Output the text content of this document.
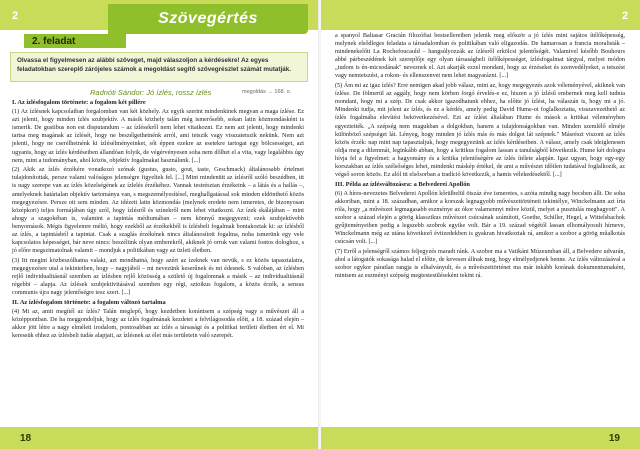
Szövegértés
2
2. feladat
Olvassa el figyelmesen az alábbi szöveget, majd válaszoljon a kérdésekre! Az egyes feladatokban szereplő zárójeles számok a megoldást segítő szövegrészlet számát mutatják.
Radnóti Sándor: Jó ízlés, rossz ízlés	megoldás → 168. o.
I. Az ízlésfogalom története: a fogalom két pillére

(1) Az ízlésnek kapcsolatban forgalomban van két közhely. Az egyik szerint mindenkinek megvan a maga ízlése. Ez azt jelenti, hogy minden ízlés szubjektív. A másik közhely talán még ismerősebb, sokan latin közmondásként is ismerik. De gustibus non est disputandum – az ízlésekről nem lehet vitatkozni. Ez nem azt jelenti, hogy mindenki tartsa meg magának az ízlését, hogy ne beszélgethetnénk arról, ami tetszik vagy visszatetszik nekünk. Nem azt jelenti, hogy ne cserélhetnénk ki ízlésélményeinket, sőt éppen ezekre az esetekre tartogat egy bölcsességet, azt ugyanis, hogy az ízlés kérdéseiben állandóan folyik, de végérvényesen soha nem dőlhet el a vita, vagy legalábbis úgy nem, mint a tudományban, ahol közös, objektív fogalmakat használunk. [...]

(2) Akik az ízlés érzékére vonatkozó szónak (gustus, gusto, gout, taste, Geschmack) általánosabb értelmet tulajdonítottak, persze valami valóságos jelenségre figyeltek fel. [...] Mint mindenütt az ízlésről szóló beszédben, itt is nagy szerepe van az ízlés közelségének az ízlelés érzékéhez. Vannak testrésztan érzékeink – a látás és a hallás –, amelyeknek határtalan objektív tartománya van, s megszemélyesítésel, meghallgatással sok minden eldönthető közös megegyezésre. Persze ott sem minden. Az idézett latin közmondás (melynek eredete nem ismeretes, de bizonyosan középkori) teljes formájában úgy szól, hogy ízlésről és színekről nem lehet vitatkozni. Az ízek skálájában – mint ahogy a szagokéban is, valamint a tapintás médiumában – nem könnyű megegyezni; ezek szubjektívebb benyomások. Mégis figyelemre méltó, hogy ezekből az érzékekből is ízlésbeli fogalmak bontakoztak ki: az ízlésből az ízlés, a tapintásból a tapintat. Csak a szaglás érzékének nincs általánosított fogalma, noha ismerünk egy vele kapcsolatos képességet, bár neve nincs: beszélünk olyan emberekről, akiknek jó orruk van valami fontos dologhoz, s jó előre megszimatolnak valamit – mondjuk a politikában vagy az üzleti életben.

(3) Itt megint közbeszólhatna valaki, azt mondhatná, hogy azért az ízeknek van nevük, s ez közös tapasztalatra, megegyezésre utal a tekintetben, hogy – nagyjából – mi nevezünk keserűnek és mi édesnek. S valóban, az ízlésben rejlő individualitásnál szemben az ízlésben rejlő közösség a születő új fogalomnak a másik – az individualitásnál régebbi – alapja. Az ízlések szubjektivitásával szemben egy régi, sztoikus fogalom, a közös érzék, a sensus communis újra nagy jelentőségre tesz szert. [...]

II. Az ízlésfogalom története: a fogalom változó tartalma

(4) Mi az, amit megítél az ízlés? Talán meglepő, hogy kezdetben korántsem a szépség vagy a művészet áll a középpontban. De ha meggondoljuk, hogy az ízlés fogalmának kezdetei a felvilágosodás előtt, a 18. század elején – akkor jött létre a nagy elméleti irodalom, pontosabban az ízlés a társasági és a politikai területi életben ért el. Mi keressük ehhez az ízlésbeli tudás alapjait, az ízlésnek az élet más területein való szerepét.

18
2

a spanyol Baltasar Gracián filozófiai bestsellereiben jelenik meg először a jó ízlés mint sajátos ítélőképesség, melynek elsődleges feladata a társadalomban és politikában való eligazodás. De hamarosan a francia moralisták – mindenekelőtt La Rochefoucauld – hangsúlyozzák az ízlésről erkölcsi jelentőségét. Valamivel később Bouhours abbé párbeszédének két szereplője egy olyan társaságbeli ítélőképességet, ízlésfogalmat tárgyal, melyet módon „tudom is én-micsodának" neveznek el. Azt akarják ezzel mondani, hogy az érzéseket és szenvedélyeket, a tetszést vagy nemtetszést, a rokon- és ellenszenvet nem lehet magyarázni. [...]

(5) Ám mi az igaz ízlés? Erre nemigen akad jobb válasz, mint az, hogy megegyezés azok véleményével, akiknek van ízlése. De fölmerül az aggály, hogy nem körben forgó érvelés-e ez, hiszen a jó ízlésű embernek meg kell tudnia mondani, hogy mi a szép. De csak akkor igazodhatunk ehhez, ha előtte jó ízlést, ha válaszán is, hogy mi a jó. Mindenki tudja, mit jelent az ízlés, és ez a kérdés, amely pedig David Hume-ot foglalkoztatta, visszavezethető az ízlés fogalmába elevítési bekövetkezésével. Ezt az ízlést általában Hume és mások a kritikai véleményben egyeztették. „A szépség nem magukban a dolgokban, hanem a tulajdonságokban van. Minden szemlélő elméje különböző szépséget lát. Lényeg, hogy minden jó ízlés más és más dolgot lát szépnek." Másrészt viszont az ízlés közös érzék: nap mint nap tapasztaljuk, hogy megegyezünk az ízlés kérdéseiben. A válasz, amely csak ideiglenesen oldja meg a dilemmát, leginkább abban, hogy a kritikus fogalom lassan a tanulságból következik. Hume két dologra hívja fel a figyelmet: a hagyomány és a kritika jelentőségére az ízlés ítélete alapján. Igaz ugyan, hogy egy-egy korszakban az ízlés szélsőséges lehet, mindenki máskép értékel, de ami a művészet időtlen tudatával foglalkozik, az végső soron közös. Ez alól itt elsősorban a tradíció következik, a hamis vélekedésektől. [...]

III. Példa az ízlésváltozásra: a Belvederei Apollón

(6) A híres-nevezetes Belvederei Apollón kőrülbelül ötszáz éve ismeretes, s azóta mindig nagy becsben állt. De soha akkoriban, mint a 18. században, amikor a korszak legnagyobb művészettörténeti tekintélye, Winckelmann azt írta róla, hogy „a művészet legmagasabb eszménye az ókor valamennyi műve közül, melyet a pusztulás meghagyott". A szobor a század elején a görög klasszikus művészet csúcsának számított, Goethe, Schiller, Hegel, a Wittelsbachok gyűjteményeiben pedig a legszebb szobrok egyike volt. Bár a 19. század végétől lassan elhomályosult hírneve, Winckelmann még az utána következő évtizedekben is gyakran hivatkoztak rá, amikor a szobor a görög műalkotás csúcsán volt. [...]

(7) Erről a jelenségről számos feljegyzés maradt ránk. A szobor ma a Vatikáni Múzeumban áll, a Belvedere udvarán, ahol a látogatók sokasága halad el előtte, de kevesen állnak meg, hogy elmélyedjenek benne. Az ízlés változásával a szobor egykor páratlan rangja is elhalványult, és a művészettörténet ma már inkább korának dokumentumaként, mintsem az eszményi szépség megtestesüléseként tekint rá.

19
